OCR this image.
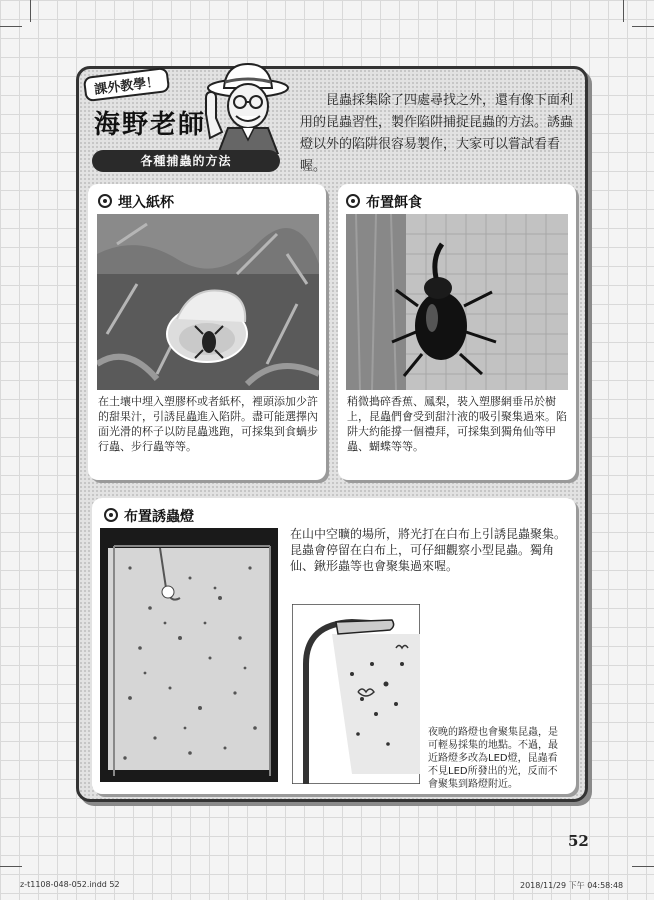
課外教學！
海野老師
各種捕蟲的方法
昆蟲採集除了四處尋找之外，還有像下面利用的昆蟲習性，製作陷阱捕捉昆蟲的方法。誘蟲燈以外的陷阱很容易製作，大家可以嘗試看看喔。
埋入紙杯
在土壤中埋入塑膠杯或者紙杯，裡頭添加少許的甜果汁，引誘昆蟲進入陷阱。盡可能選擇內面光滑的杯子以防昆蟲逃跑，可採集到食蝸步行蟲、步行蟲等等。
布置餌食
稍微搗碎香蕉、鳳梨，裝入塑膠網垂吊於樹上，昆蟲們會受到甜汁液的吸引聚集過來。陷阱大約能撐一個禮拜，可採集到獨角仙等甲蟲、蝴蝶等等。
布置誘蟲燈
在山中空曠的場所，將光打在白布上引誘昆蟲聚集。昆蟲會停留在白布上，可仔細觀察小型昆蟲。獨角仙、鍬形蟲等也會聚集過來喔。
夜晚的路燈也會聚集昆蟲，是可輕易採集的地點。不過，最近路燈多改為LED燈，昆蟲看不見LED所發出的光，反而不會聚集到路燈附近。
52
z-t1108-048-052.indd 52	2018/11/29 下午 04:58:48
